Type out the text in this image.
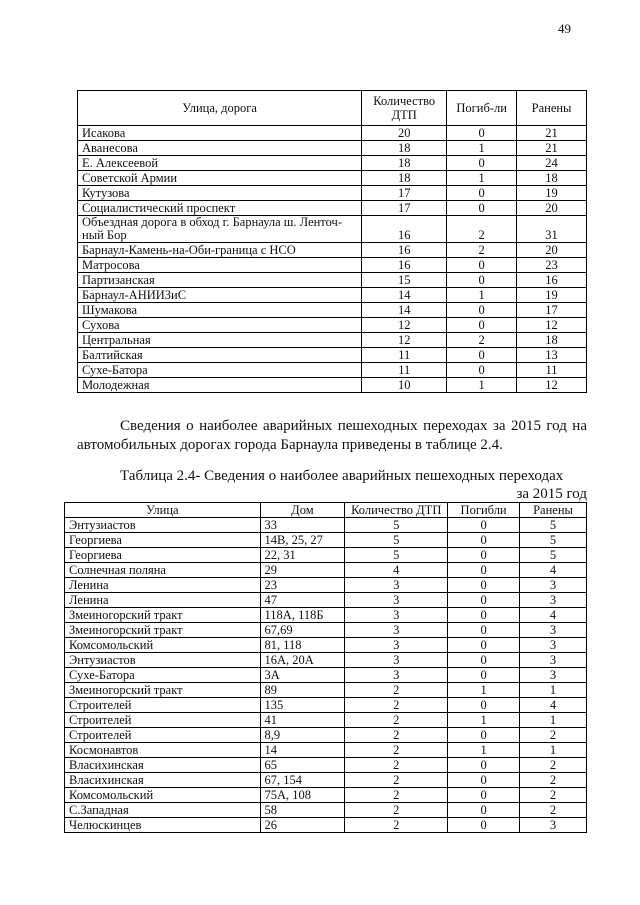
49
Улица, дорога	Количество ДТП	Погиб-ли	Ранены
Исакова	20	0	21
Аванесова	18	1	21
Е. Алексеевой	18	0	24
Советской Армии	18	1	18
Кутузова	17	0	19
Социалистический проспект	17	0	20
Объездная дорога в обход г. Барнаула ш. Ленточ-ный Бор	16	2	31
Барнаул-Камень-на-Оби-граница с НСО	16	2	20
Матросова	16	0	23
Партизанская	15	0	16
Барнаул-АНИИЗиС	14	1	19
Шумакова	14	0	17
Сухова	12	0	12
Центральная	12	2	18
Балтийская	11	0	13
Сухе-Батора	11	0	11
Молодежная	10	1	12

Сведения о наиболее аварийных пешеходных переходах за 2015 год на автомобильных дорогах города Барнаула приведены в таблице 2.4.

Таблица 2.4- Сведения о наиболее аварийных пешеходных переходах
за 2015 год
Улица	Дом	Количество ДТП	Погибли	Ранены
Энтузиастов	33	5	0	5
Георгиева	14В, 25, 27	5	0	5
Георгиева	22, 31	5	0	5
Солнечная поляна	29	4	0	4
Ленина	23	3	0	3
Ленина	47	3	0	3
Змеиногорский тракт	118А, 118Б	3	0	4
Змеиногорский тракт	67,69	3	0	3
Комсомольский	81, 118	3	0	3
Энтузиастов	16А, 20А	3	0	3
Сухе-Батора	3А	3	0	3
Змеиногорский тракт	89	2	1	1
Строителей	135	2	0	4
Строителей	41	2	1	1
Строителей	8,9	2	0	2
Космонавтов	14	2	1	1
Власихинская	65	2	0	2
Власихинская	67, 154	2	0	2
Комсомольский	75А, 108	2	0	2
С.Западная	58	2	0	2
Челюскинцев	26	2	0	3
